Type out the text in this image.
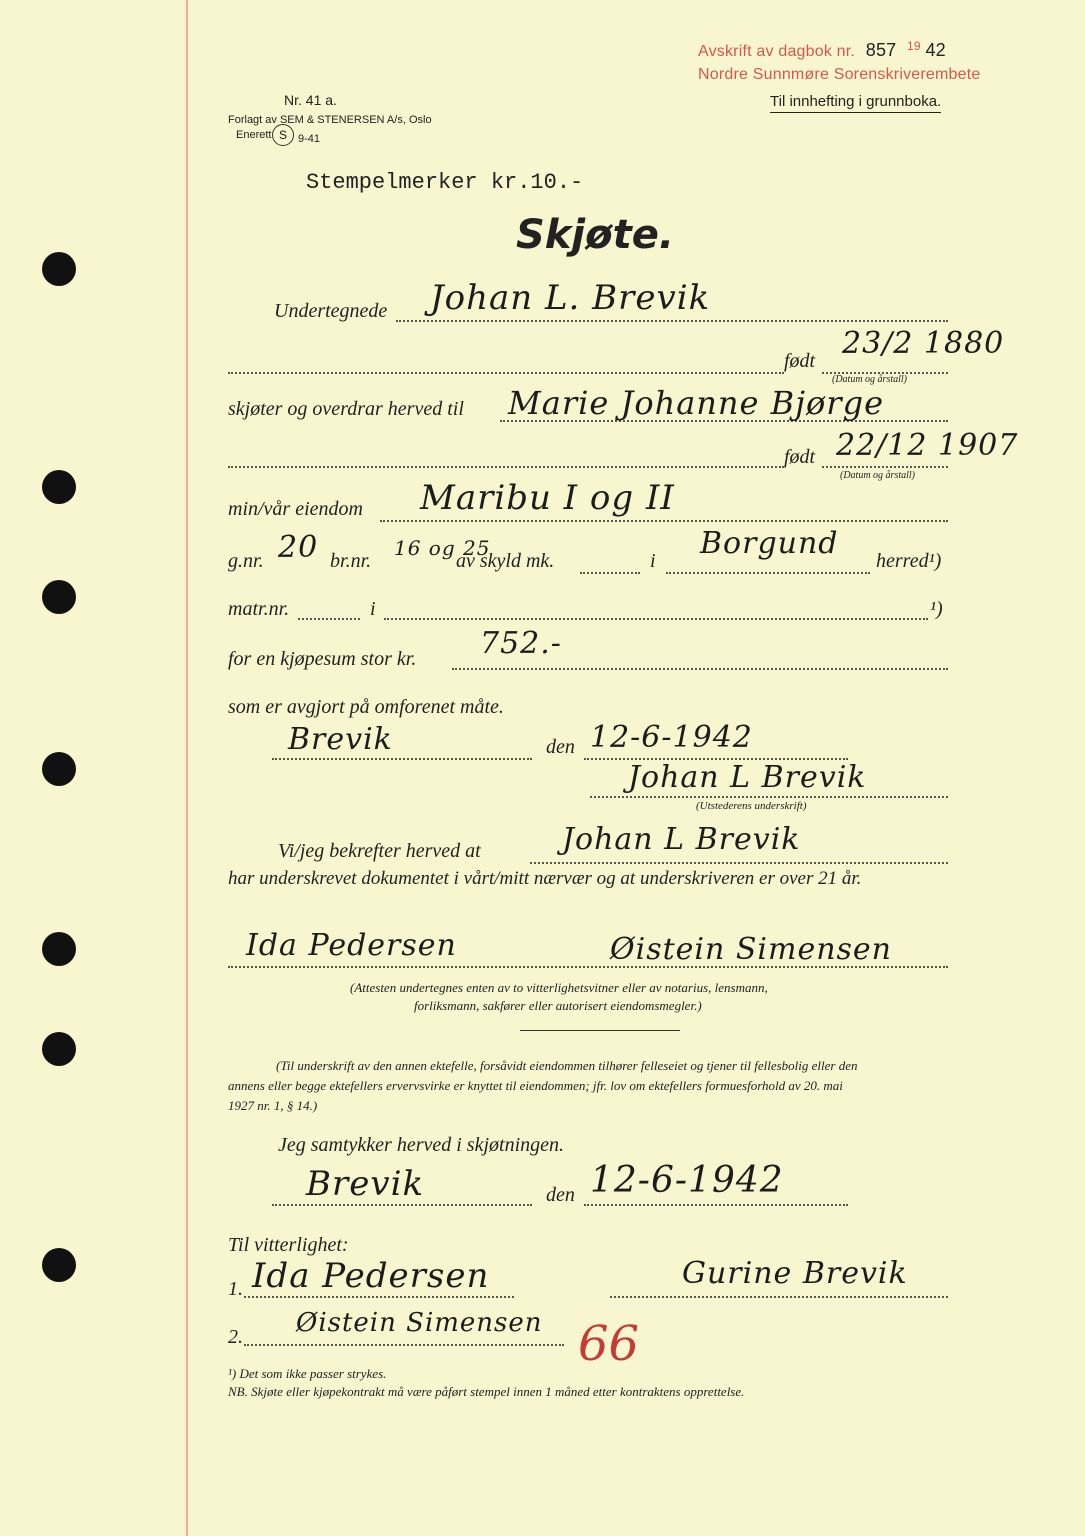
Avskrift av dagbok nr. 857 $^{19}$ 42
Nordre Sunnmøre Sorenskriverembete
Til innhefting i grunnboka.
Nr. 41 a.
Forlagt av SEM & STENERSEN A/s, Oslo
Enerett S	9-41
Stempelmerker kr.10.-
Skjøte.
Undertegnede Johan L. Brevik
født 23/2 1880
(Datum og årstall)
skjøter og overdrar herved til Marie Johanne Bjørge
født 22/12 1907
(Datum og årstall)
min/vår eiendom Maribu I og II
g.nr. 20 br.nr.
16 og 25
av skyld mk.	i Borgund herred¹)
matr.nr.	i	¹)
for en kjøpesum stor kr. 752.-
som er avgjort på omforenet måte.
Brevik	den 12-6-1942
Johan L Brevik
(Utstederens underskrift)
Vi/jeg bekrefter herved at	Johan L Brevik
har underskrevet dokumentet i vårt/mitt nærvær og at underskriveren er over 21 år.
Ida Pedersen	Øistein Simensen
(Attesten undertegnes enten av to vitterlighetsvitner eller av notarius, lensmann,
forliksmann, sakfører eller autorisert eiendomsmegler.)
(Til underskrift av den annen ektefelle, forsåvidt eiendommen tilhører felleseiet og tjener til fellesbolig eller den
annens eller begge ektefellers ervervsvirke er knyttet til eiendommen; jfr. lov om ektefellers formuesforhold av 20. mai
1927 nr. 1, § 14.)
Jeg samtykker herved i skjøtningen.
Brevik	den 12-6-1942
Til vitterlighet:
1. Ida Pedersen	Gurine Brevik
2. Øistein Simensen 66
¹) Det som ikke passer strykes.
NB. Skjøte eller kjøpekontrakt må være påført stempel innen 1 måned etter kontraktens opprettelse.
